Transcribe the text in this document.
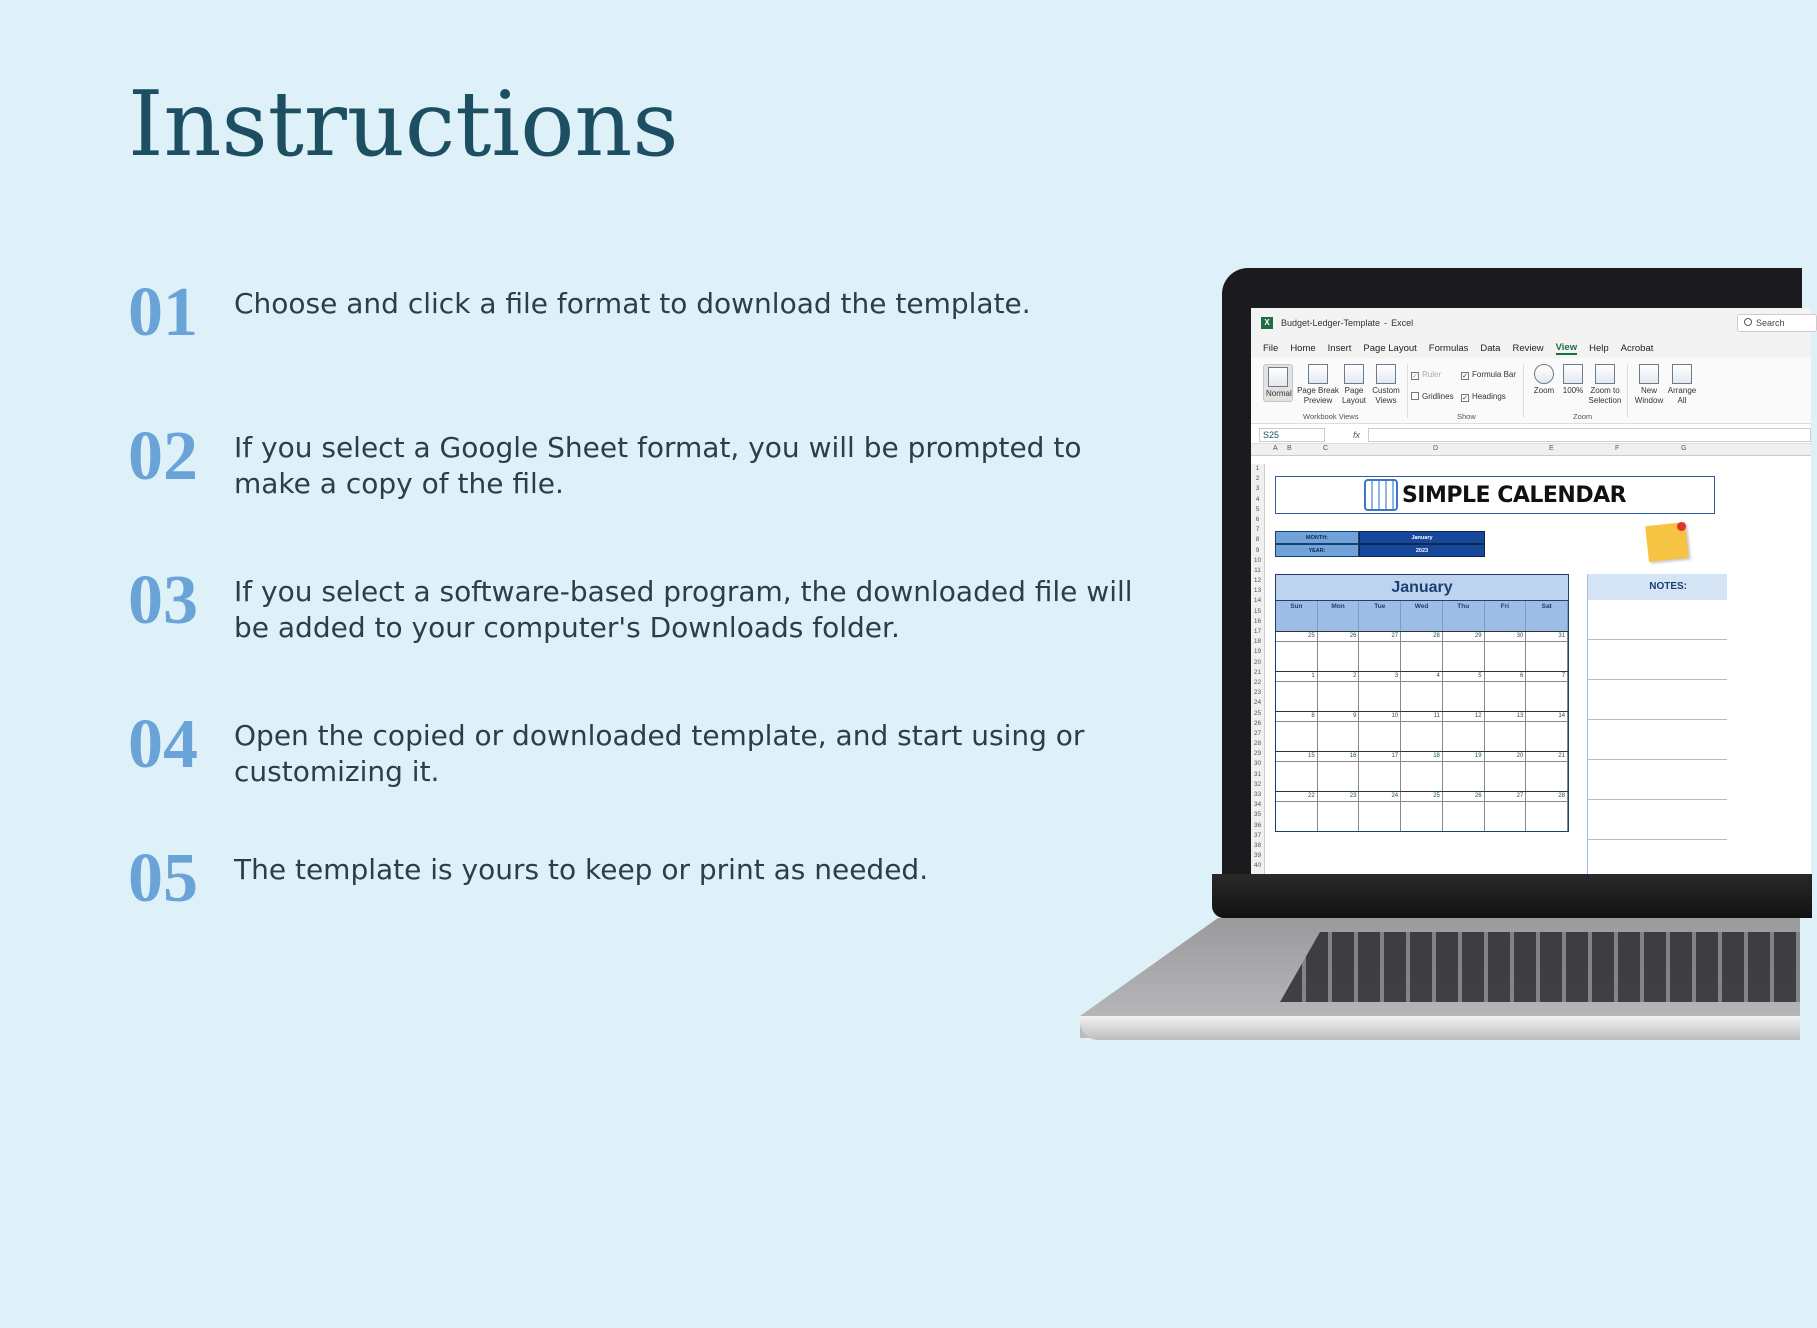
Instructions
01 Choose and click a file format to download the template.
02 If you select a Google Sheet format, you will be prompted to make a copy of the file.
03 If you select a software-based program, the downloaded file will be added to your computer's Downloads folder.
04 Open the copied or downloaded template, and start using or customizing it.
05 The template is yours to keep or print as needed.
X	Budget-Ledger-Template - Excel	Search
File Home Insert Page Layout Formulas Data Review View Help Acrobat
Normal Page Break Preview
Page Layout
Custom Views
Workbook Views
✓ Ruler	✓ Formula Bar
Gridlines ✓ Headings
Show
Zoom	100% Zoom to Selection
Zoom
New Window
Arrange All
S25	fx
A B	C	D	E	F	G
1
2
3
4
5
6
7
8
9
10
11
12
13
14
15
16
17
18
19
20
21
22
23
24
25
26
27
28
29
30
31
32
33
34
35
36
37
38
39
40
SIMPLE CALENDAR
MONTH:	January
YEAR:	2023
January
Sun	Mon	Tue	Wed	Thu	Fri	Sat
25	26	27	28	29	30	31
1	2	3	4	5	6	7
8	9	10	11	12	13	14
15	16	17	18	19	20	21
22	23	24	25	26	27	28
NOTES:
